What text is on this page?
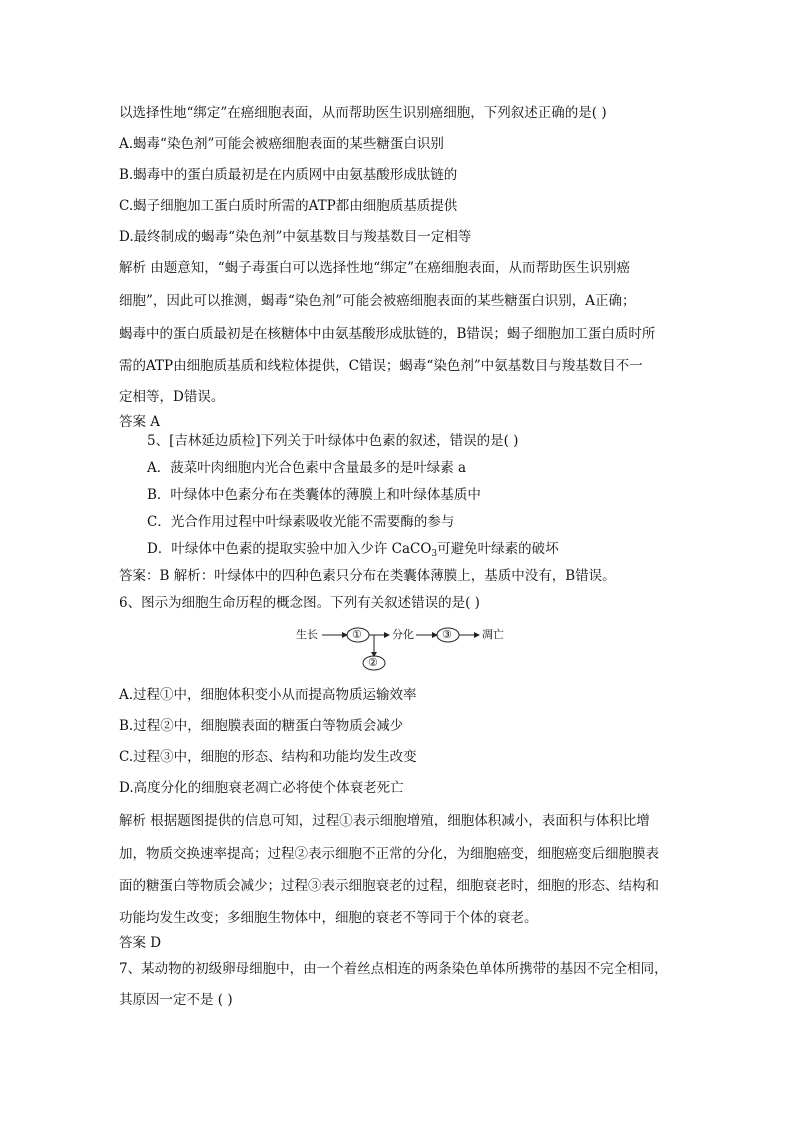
以选择性地“绑定”在癌细胞表面，从而帮助医生识别癌细胞，下列叙述正确的是( )
A.蝎毒“染色剂”可能会被癌细胞表面的某些糖蛋白识别
B.蝎毒中的蛋白质最初是在内质网中由氨基酸形成肽链的
C.蝎子细胞加工蛋白质时所需的ATP都由细胞质基质提供
D.最终制成的蝎毒“染色剂”中氨基数目与羧基数目一定相等
解析 由题意知，“蝎子毒蛋白可以选择性地“绑定”在癌细胞表面，从而帮助医生识别癌
细胞”，因此可以推测，蝎毒“染色剂”可能会被癌细胞表面的某些糖蛋白识别，A正确；
蝎毒中的蛋白质最初是在核糖体中由氨基酸形成肽链的，B错误；蝎子细胞加工蛋白质时所
需的ATP由细胞质基质和线粒体提供，C错误；蝎毒“染色剂”中氨基数目与羧基数目不一
定相等，D错误。
答案 A
5、[吉林延边质检]下列关于叶绿体中色素的叙述，错误的是( )
A．菠菜叶肉细胞内光合色素中含量最多的是叶绿素 a
B．叶绿体中色素分布在类囊体的薄膜上和叶绿体基质中
C．光合作用过程中叶绿素吸收光能不需要酶的参与
D．叶绿体中色素的提取实验中加入少许 CaCO$_3$可避免叶绿素的破坏
答案：B 解析：叶绿体中的四种色素只分布在类囊体薄膜上，基质中没有，B错误。
6、图示为细胞生命历程的概念图。下列有关叙述错误的是( )
生长	①	分化	③	凋亡
②
A.过程①中，细胞体积变小从而提高物质运输效率
B.过程②中，细胞膜表面的糖蛋白等物质会减少
C.过程③中，细胞的形态、结构和功能均发生改变
D.高度分化的细胞衰老凋亡必将使个体衰老死亡
解析 根据题图提供的信息可知，过程①表示细胞增殖，细胞体积减小，表面积与体积比增
加，物质交换速率提高；过程②表示细胞不正常的分化，为细胞癌变，细胞癌变后细胞膜表
面的糖蛋白等物质会减少；过程③表示细胞衰老的过程，细胞衰老时，细胞的形态、结构和
功能均发生改变；多细胞生物体中，细胞的衰老不等同于个体的衰老。
答案 D
7、某动物的初级卵母细胞中，由一个着丝点相连的两条染色单体所携带的基因不完全相同，
其原因一定不是 ( )
